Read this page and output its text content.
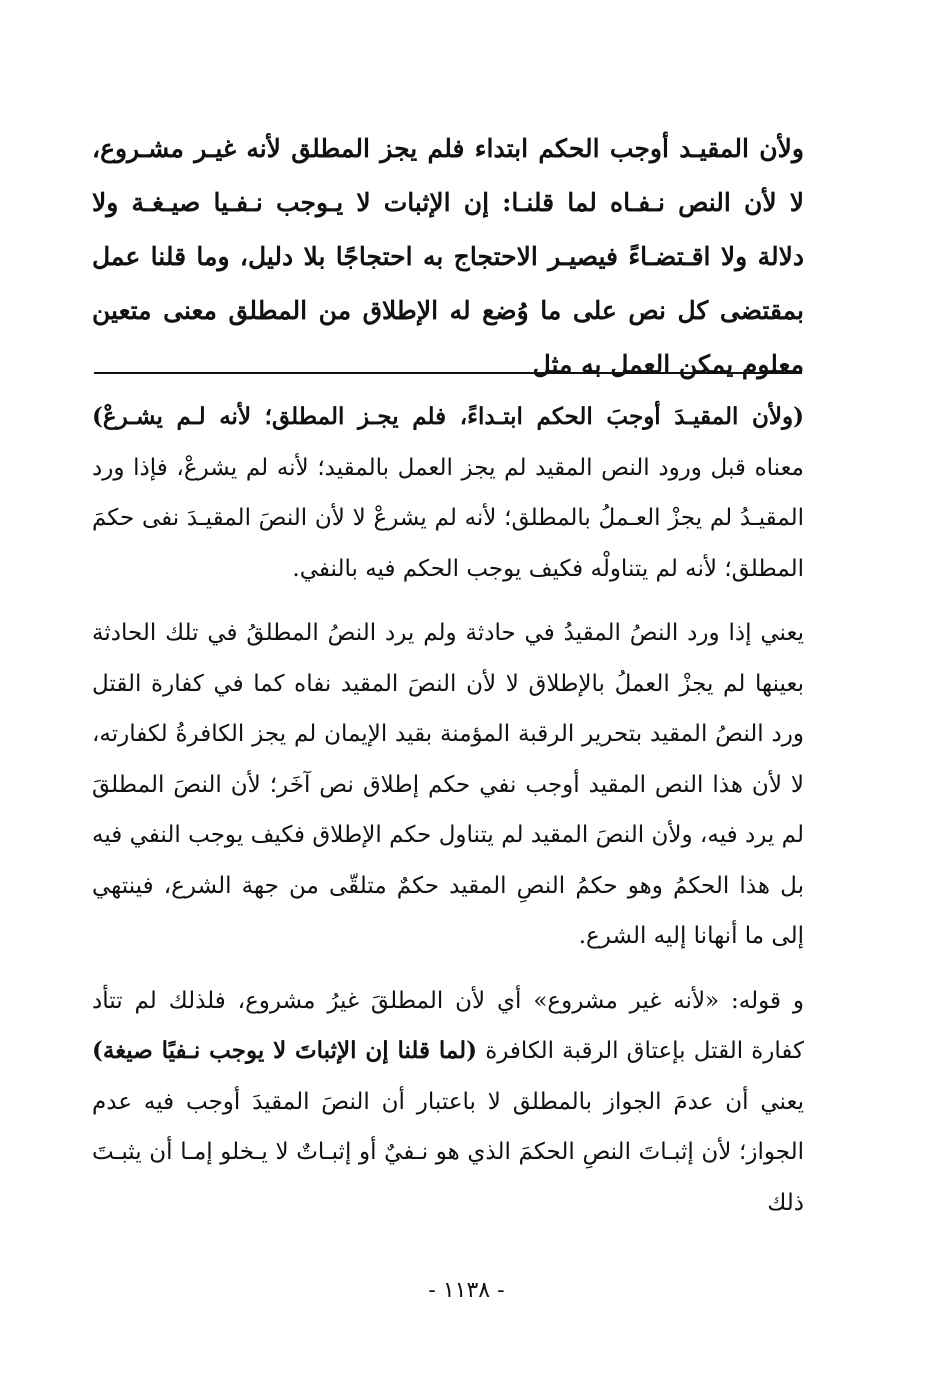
ولأن المقيـد أوجب الحكم ابتداء فلم يجز المطلق لأنه غيـر مشـروع، لا لأن النص نـفـاه لما قلنـا: إن الإثبات لا يـوجب نـفـيا صيـغـة ولا دلالة ولا اقـتضـاءً فيصيـر الاحتجاج به احتجاجًا بلا دليل، وما قلنا عمل بمقتضى كل نص على ما وُضع له الإطلاق من المطلق معنى متعين معلوم يمكن العمل به مثل

(ولأن المقيـدَ أوجبَ الحكم ابتـداءً، فلم يجـز المطلق؛ لأنه لـم يشـرعْ) معناه قبل ورود النص المقيد لم يجز العمل بالمقيد؛ لأنه لم يشرعْ، فإذا ورد المقيـدُ لم يجزْ العـملُ بالمطلق؛ لأنه لم يشرعْ لا لأن النصَ المقيـدَ نفى حكمَ المطلق؛ لأنه لم يتناولْه فكيف يوجب الحكم فيه بالنفي.

يعني إذا ورد النصُ المقيدُ في حادثة ولم يرد النصُ المطلقُ في تلك الحادثة بعينها لم يجزْ العملُ بالإطلاق لا لأن النصَ المقيد نفاه كما في كفارة القتل ورد النصُ المقيد بتحرير الرقبة المؤمنة بقيد الإيمان لم يجز الكافرةُ لكفارته، لا لأن هذا النص المقيد أوجب نفي حكم إطلاق نص آخَر؛ لأن النصَ المطلقَ لم يرد فيه، ولأن النصَ المقيد لم يتناول حكم الإطلاق فكيف يوجب النفي فيه بل هذا الحكمُ وهو حكمُ النصِ المقيد حكمٌ متلقّى من جهة الشرع، فينتهي إلى ما أنهانا إليه الشرع.

و قوله: «لأنه غير مشروع» أي لأن المطلقَ غيرُ مشروع، فلذلك لم تتأد كفارة القتل بإعتاق الرقبة الكافرة (لما قلنا إن الإثباتَ لا يوجب نـفيًا صيغة) يعني أن عدمَ الجواز بالمطلق لا باعتبار أن النصَ المقيدَ أوجب فيه عدم الجواز؛ لأن إثبـاتَ النصِ الحكمَ الذي هو نـفيٌ أو إثبـاتٌ لا يـخلو إمـا أن يثبـتَ ذلك

- ١١٣٨ -
